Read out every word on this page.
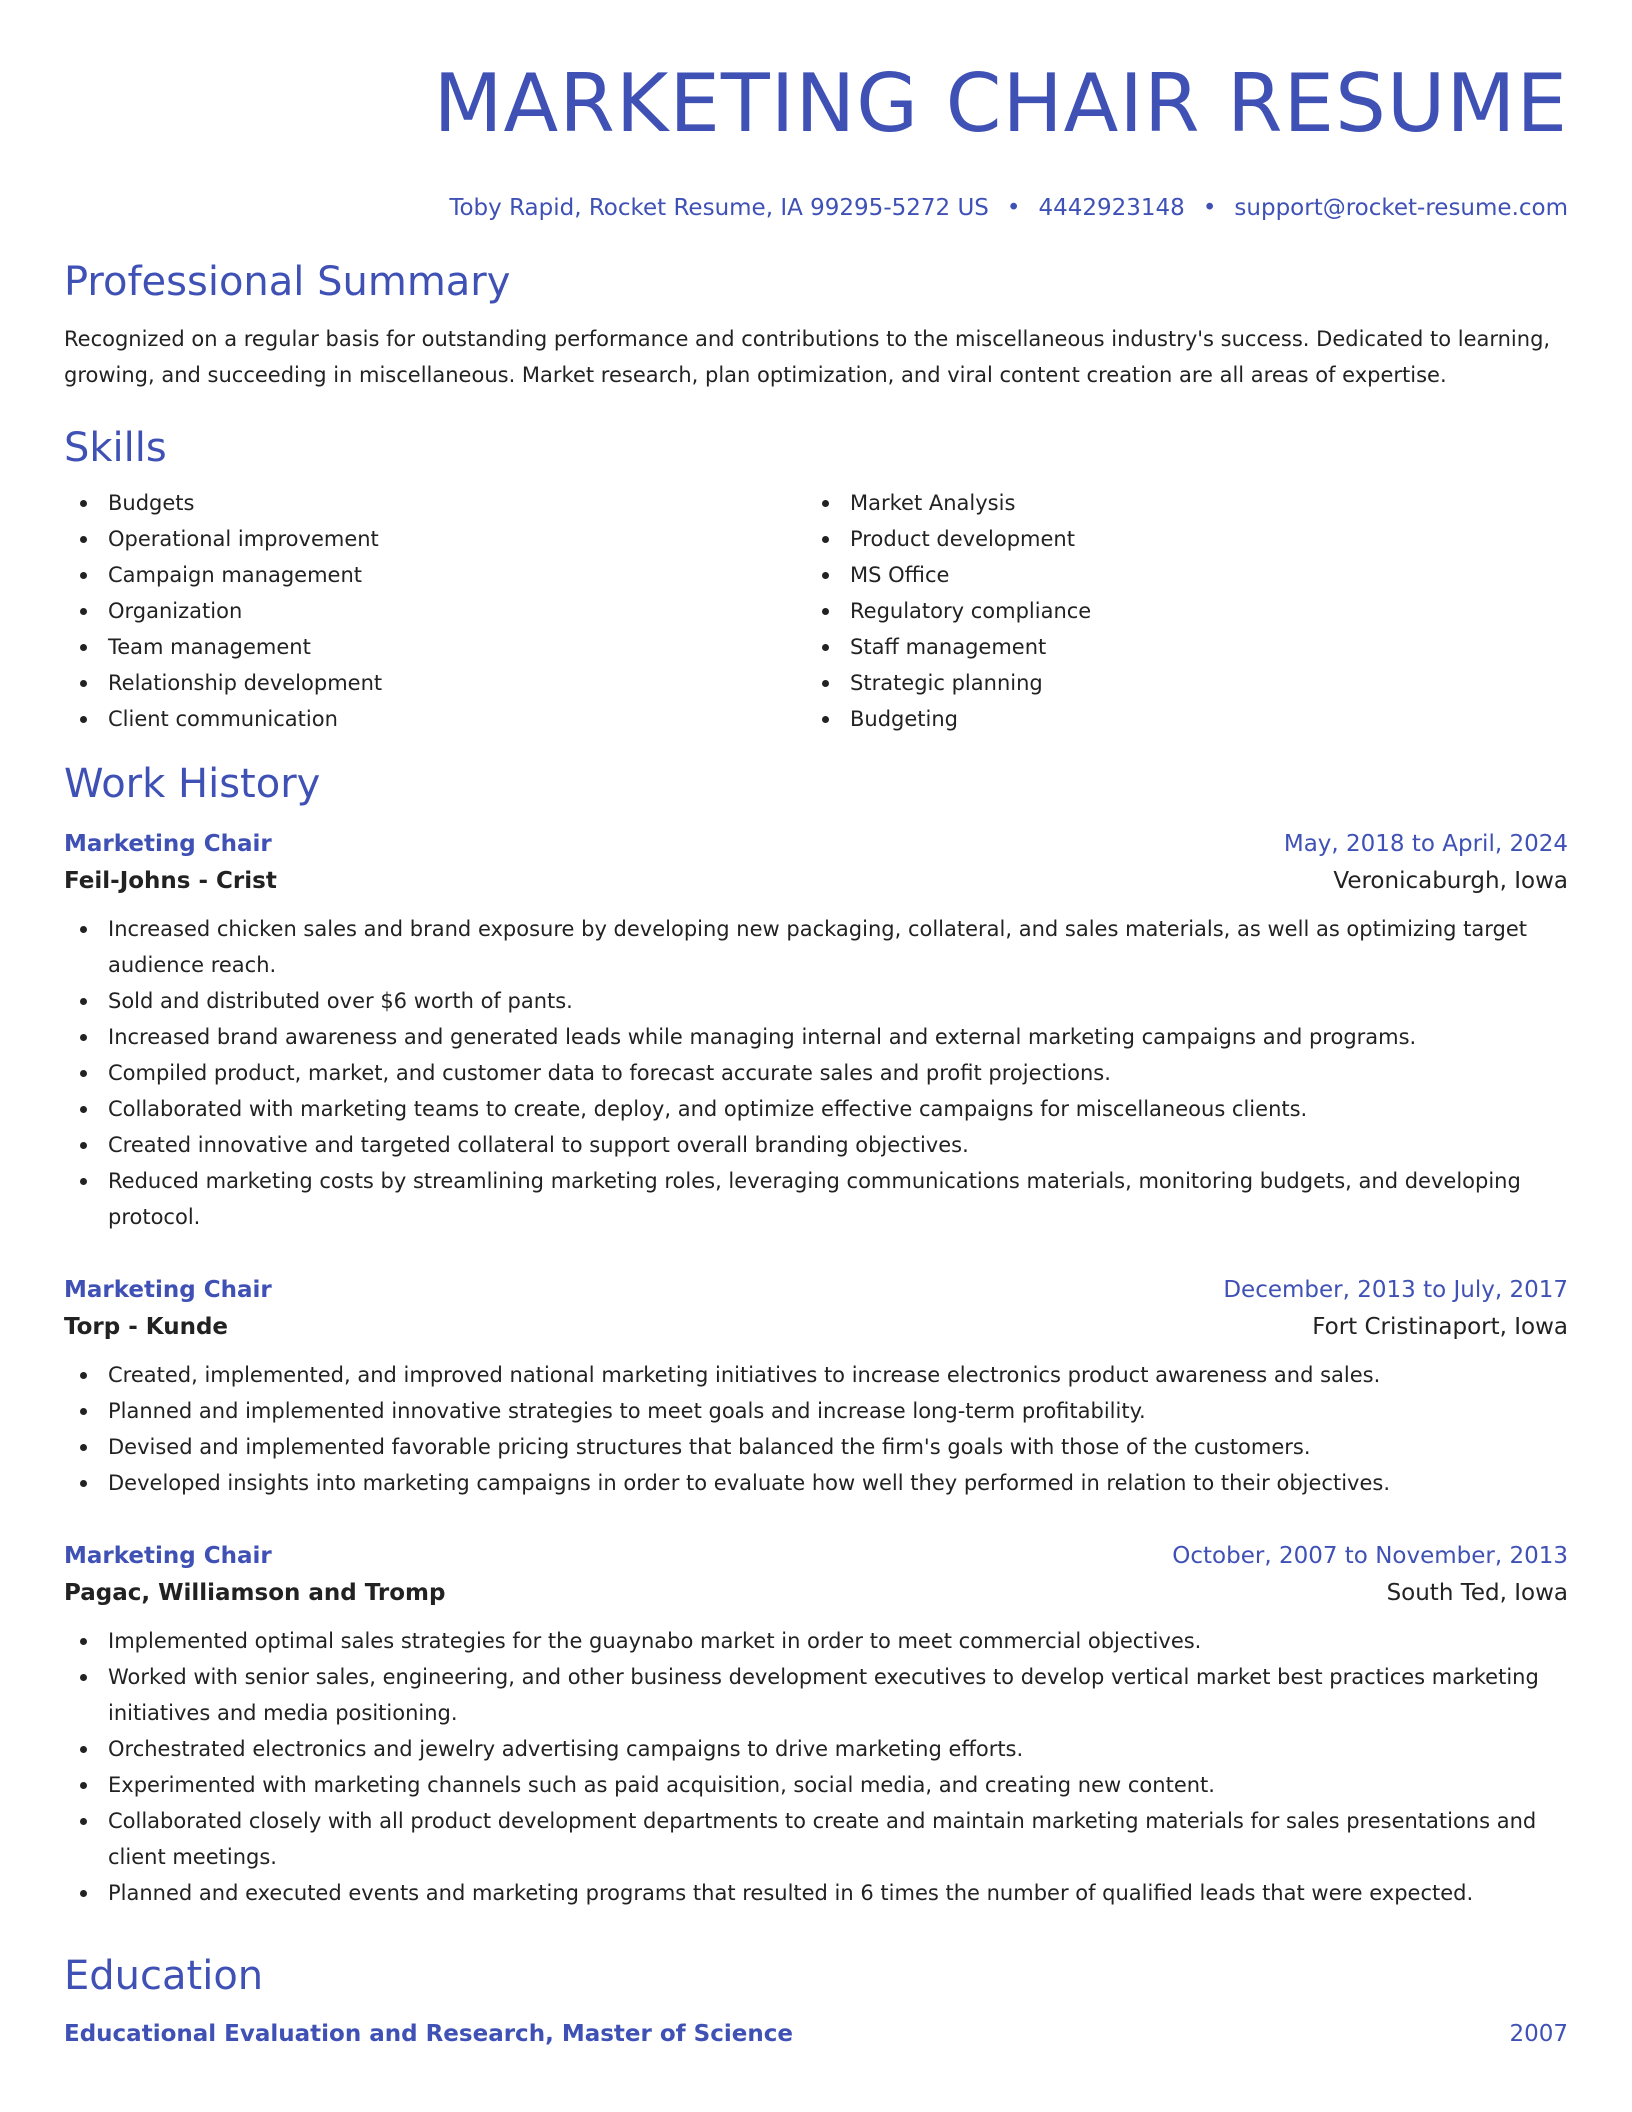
MARKETING CHAIR RESUME
Toby Rapid, Rocket Resume, IA 99295-5272 US • 4442923148 • support@rocket-resume.com
Professional Summary
Recognized on a regular basis for outstanding performance and contributions to the miscellaneous industry's success. Dedicated to learning, growing, and succeeding in miscellaneous. Market research, plan optimization, and viral content creation are all areas of expertise.
Skills
Budgets
Operational improvement
Campaign management
Organization
Team management
Relationship development
Client communication
Market Analysis
Product development
MS Office
Regulatory compliance
Staff management
Strategic planning
Budgeting
Work History
Marketing Chair	May, 2018 to April, 2024
Feil-Johns - Crist	Veronicaburgh, Iowa
Increased chicken sales and brand exposure by developing new packaging, collateral, and sales materials, as well as optimizing target audience reach.
Sold and distributed over $6 worth of pants.
Increased brand awareness and generated leads while managing internal and external marketing campaigns and programs.
Compiled product, market, and customer data to forecast accurate sales and profit projections.
Collaborated with marketing teams to create, deploy, and optimize effective campaigns for miscellaneous clients.
Created innovative and targeted collateral to support overall branding objectives.
Reduced marketing costs by streamlining marketing roles, leveraging communications materials, monitoring budgets, and developing protocol.
Marketing Chair	December, 2013 to July, 2017
Torp - Kunde	Fort Cristinaport, Iowa
Created, implemented, and improved national marketing initiatives to increase electronics product awareness and sales.
Planned and implemented innovative strategies to meet goals and increase long-term profitability.
Devised and implemented favorable pricing structures that balanced the firm's goals with those of the customers.
Developed insights into marketing campaigns in order to evaluate how well they performed in relation to their objectives.
Marketing Chair	October, 2007 to November, 2013
Pagac, Williamson and Tromp	South Ted, Iowa
Implemented optimal sales strategies for the guaynabo market in order to meet commercial objectives.
Worked with senior sales, engineering, and other business development executives to develop vertical market best practices marketing initiatives and media positioning.
Orchestrated electronics and jewelry advertising campaigns to drive marketing efforts.
Experimented with marketing channels such as paid acquisition, social media, and creating new content.
Collaborated closely with all product development departments to create and maintain marketing materials for sales presentations and client meetings.
Planned and executed events and marketing programs that resulted in 6 times the number of qualified leads that were expected.
Education
Educational Evaluation and Research, Master of Science	2007
